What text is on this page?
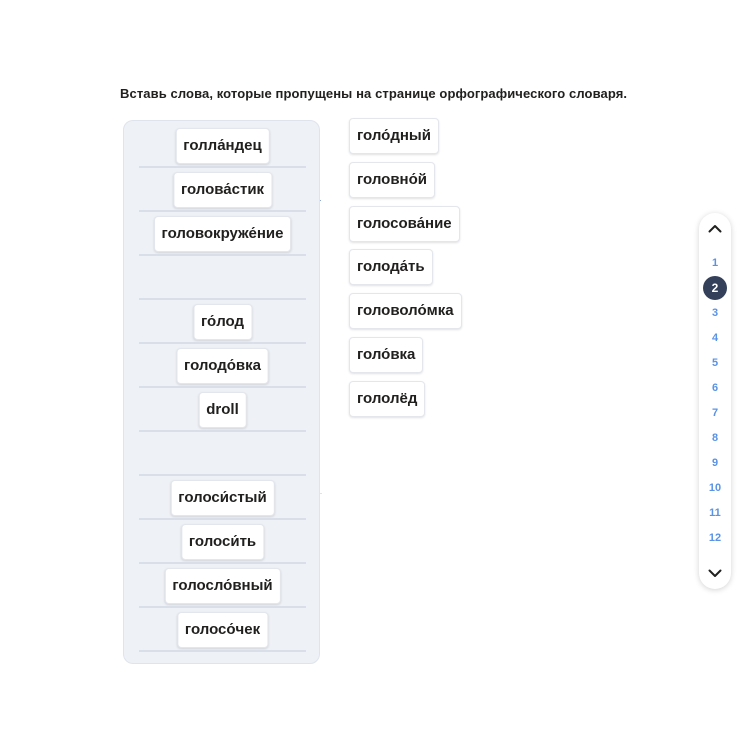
Вставь слова, которые пропущены на странице орфографического словаря.
голла́ндец
голова́стик
головокруже́ние
го́лод
голодо́вка
droll
голоси́стый
голоси́ть
голосло́вный
голосо́чек
голо́дный
головно́й
голосова́ние
голода́ть
головоло́мка
голо́вка
гололёд
1
2
3
4
5
6
7
8
9
10
11
12
